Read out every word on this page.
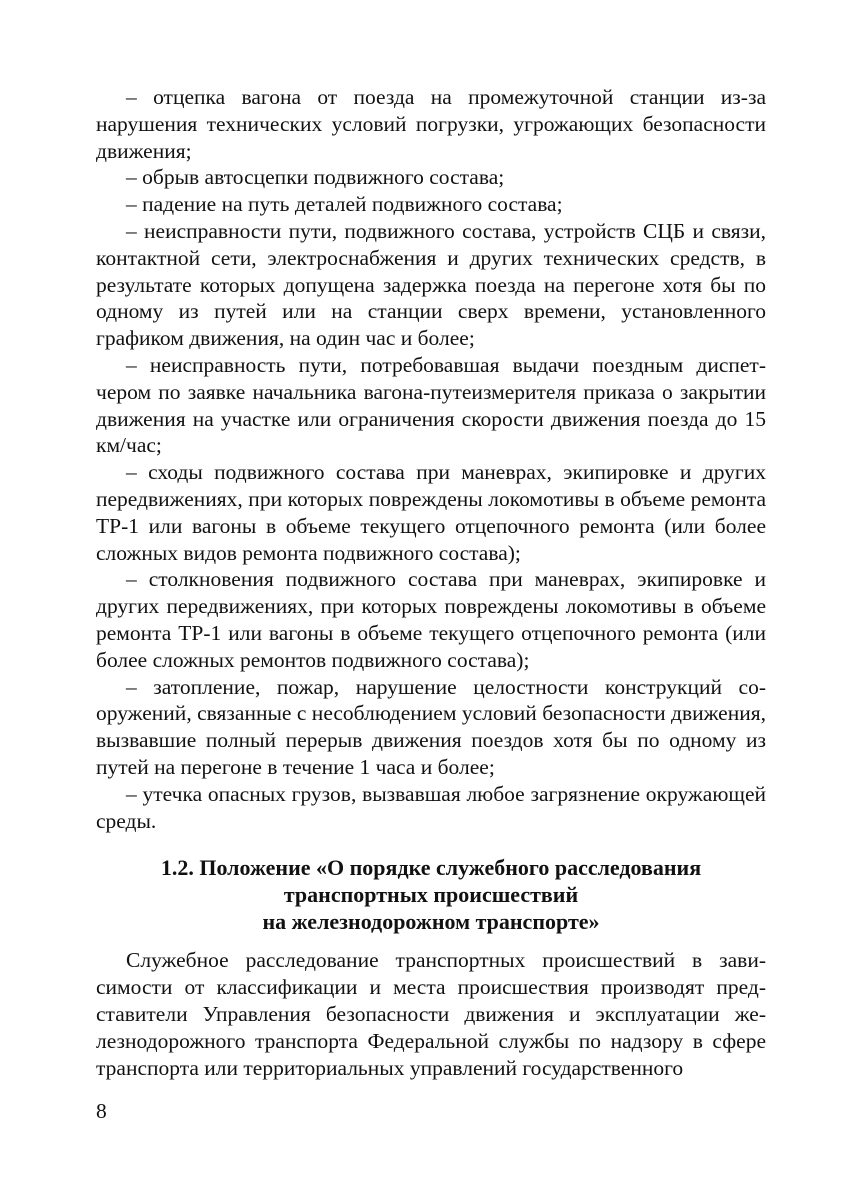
– отцепка вагона от поезда на промежуточной станции из-за нарушения технических условий погрузки, угрожающих безопасности движения;

– обрыв автосцепки подвижного состава;

– падение на путь деталей подвижного состава;

– неисправности пути, подвижного состава, устройств СЦБ и связи, контактной сети, электроснабжения и других технических средств, в результате которых допущена задержка поезда на перегоне хотя бы по одному из путей или на станции сверх времени, установленного графиком движения, на один час и более;

– неисправность пути, потребовавшая выдачи поездным диспетчером по заявке начальника вагона-путеизмерителя приказа о закрытии движения на участке или ограничения скорости движения поезда до 15 км/час;

– сходы подвижного состава при маневрах, экипировке и других передвижениях, при которых повреждены локомотивы в объеме ремонта ТР-1 или вагоны в объеме текущего отцепочного ремонта (или более сложных видов ремонта подвижного состава);

– столкновения подвижного состава при маневрах, экипировке и других передвижениях, при которых повреждены локомотивы в объеме ремонта ТР-1 или вагоны в объеме текущего отцепочного ремонта (или более сложных ремонтов подвижного состава);

– затопление, пожар, нарушение целостности конструкций сооружений, связанные с несоблюдением условий безопасности движения, вызвавшие полный перерыв движения поездов хотя бы по одному из путей на перегоне в течение 1 часа и более;

– утечка опасных грузов, вызвавшая любое загрязнение окружающей среды.

1.2. Положение «О порядке служебного расследования
транспортных происшествий
на железнодорожном транспорте»

Служебное расследование транспортных происшествий в зависимости от классификации и места происшествия производят представители Управления безопасности движения и эксплуатации железнодорожного транспорта Федеральной службы по надзору в сфере транспорта или территориальных управлений государственного

8
